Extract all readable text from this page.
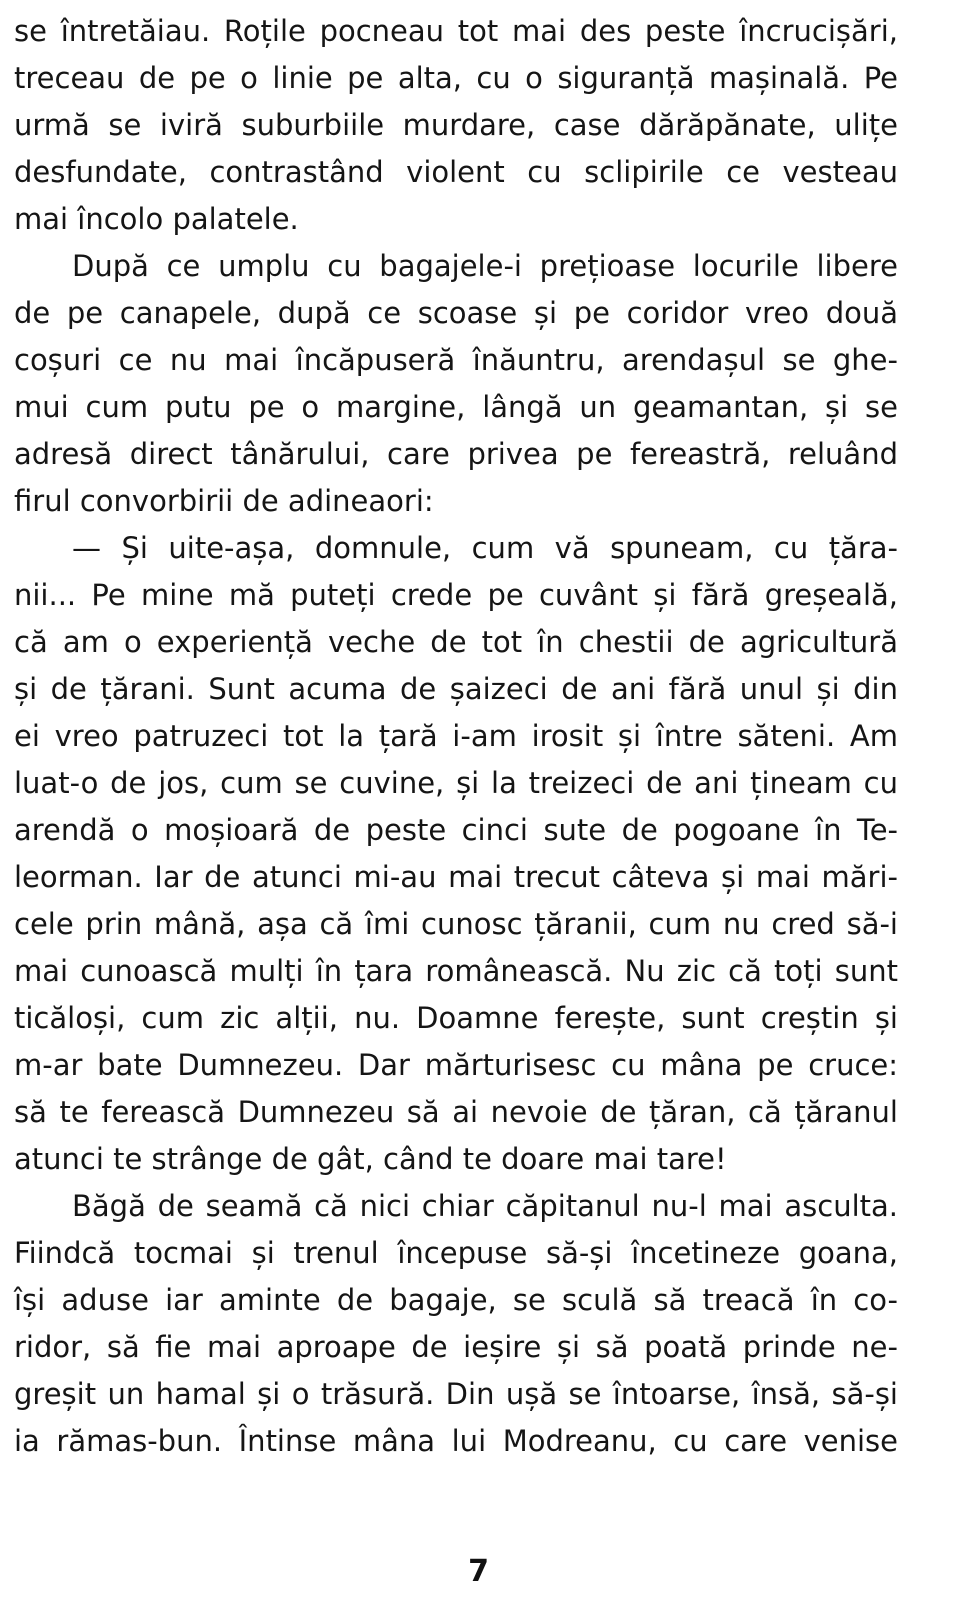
se întretăiau. Roțile pocneau tot mai des peste încrucișări,
treceau de pe o linie pe alta, cu o siguranță mașinală. Pe
urmă se iviră suburbiile murdare, case dărăpănate, ulițe
desfundate, contrastând violent cu sclipirile ce vesteau
mai încolo palatele.
După ce umplu cu bagajele-i prețioase locurile libere
de pe canapele, după ce scoase și pe coridor vreo două
coșuri ce nu mai încăpuseră înăuntru, arendașul se ghe-
mui cum putu pe o margine, lângă un geamantan, și se
adresă direct tânărului, care privea pe fereastră, reluând
firul convorbirii de adineaori:
— Și uite-așa, domnule, cum vă spuneam, cu țăra-
nii... Pe mine mă puteți crede pe cuvânt și fără greșeală,
că am o experiență veche de tot în chestii de agricultură
și de țărani. Sunt acuma de șaizeci de ani fără unul și din
ei vreo patruzeci tot la țară i-am irosit și între săteni. Am
luat-o de jos, cum se cuvine, și la treizeci de ani țineam cu
arendă o moșioară de peste cinci sute de pogoane în Te-
leorman. Iar de atunci mi-au mai trecut câteva și mai mări-
cele prin mână, așa că îmi cunosc țăranii, cum nu cred să-i
mai cunoască mulți în țara românească. Nu zic că toți sunt
ticăloși, cum zic alții, nu. Doamne ferește, sunt creștin și
m-ar bate Dumnezeu. Dar mărturisesc cu mâna pe cruce:
să te ferească Dumnezeu să ai nevoie de țăran, că țăranul
atunci te strânge de gât, când te doare mai tare!
Băgă de seamă că nici chiar căpitanul nu-l mai asculta.
Fiindcă tocmai și trenul începuse să-și încetineze goana,
își aduse iar aminte de bagaje, se sculă să treacă în co-
ridor, să fie mai aproape de ieșire și să poată prinde ne-
greșit un hamal și o trăsură. Din ușă se întoarse, însă, să-și
ia rămas-bun. Întinse mâna lui Modreanu, cu care venise
7
